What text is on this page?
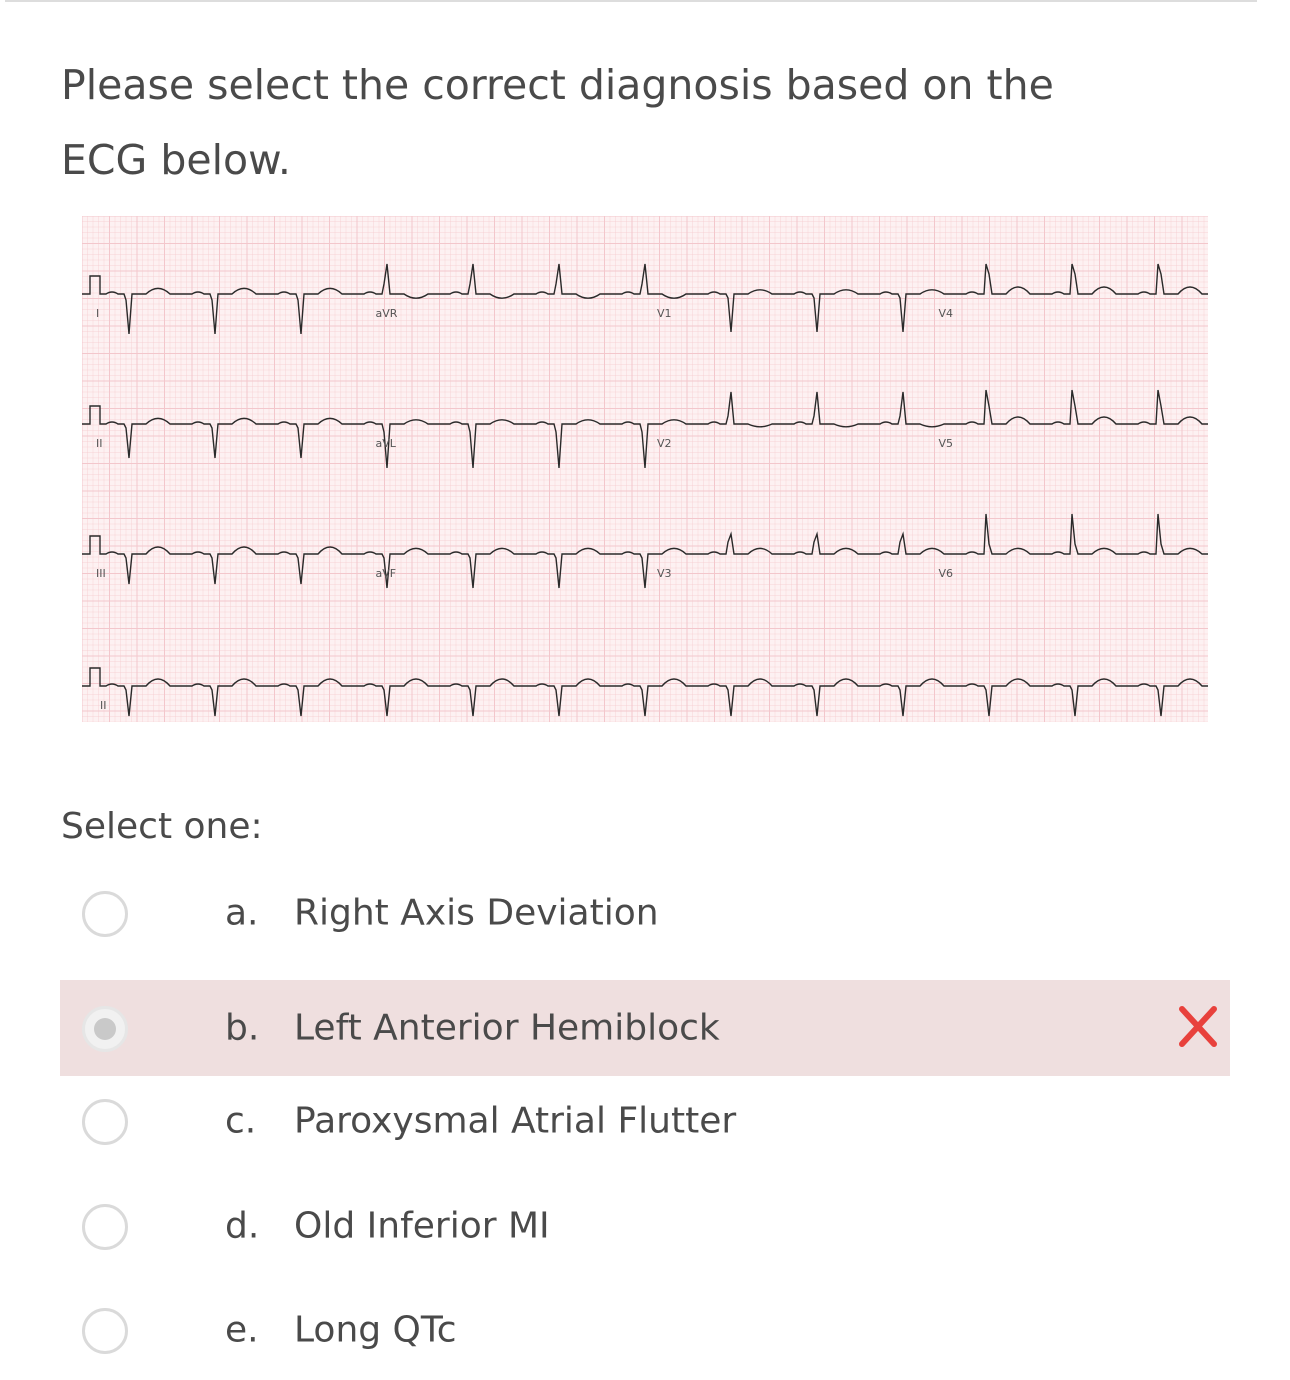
Please select the correct diagnosis based on the ECG below.

I	aVR	V1	V4
II	aVL	V2	V5
III	aVF	V3	V6
II
Select one:
a. Right Axis Deviation
b. Left Anterior Hemiblock
c. Paroxysmal Atrial Flutter
d. Old Inferior MI
e. Long QTc
